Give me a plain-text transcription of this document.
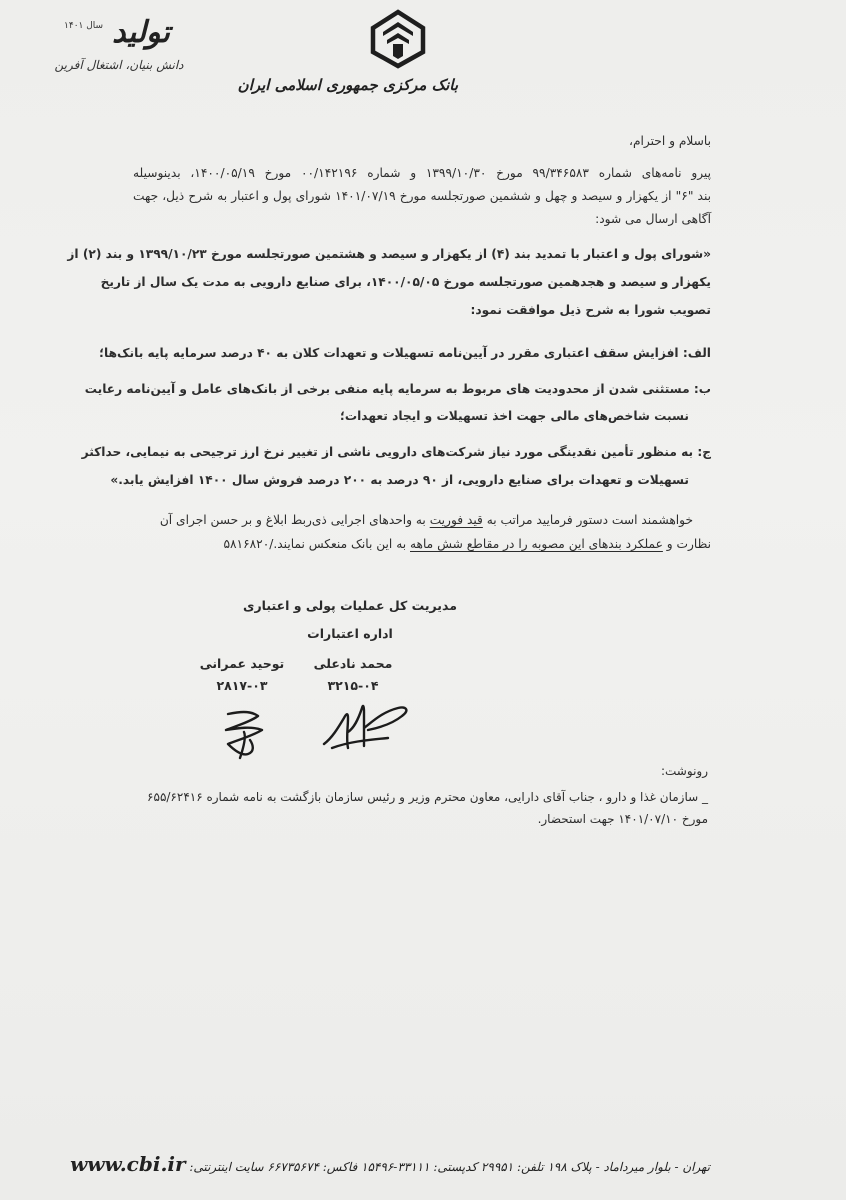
بانک مرکزی جمهوری اسلامی ایران
تولید سال ۱۴۰۱
دانش بنیان، اشتغال آفرین
باسلام و احترام،
پیرو نامه‌های شماره ۹۹/۳۴۶۵۸۳ مورخ ۱۳۹۹/۱۰/۳۰ و شماره ۰۰/۱۴۲۱۹۶ مورخ ۱۴۰۰/۰۵/۱۹، بدینوسیله
بند "۶" از یکهزار و سیصد و چهل و ششمین صورتجلسه مورخ ۱۴۰۱/۰۷/۱۹ شورای پول و اعتبار به شرح ذیل، جهت
آگاهی ارسال می شود:
«شورای پول و اعتبار با تمدید بند (۴) از یکهزار و سیصد و هشتمین صورتجلسه مورخ ۱۳۹۹/۱۰/۲۳ و بند (۲) از
یکهزار و سیصد و هجدهمین صورتجلسه مورخ ۱۴۰۰/۰۵/۰۵، برای صنایع دارویی به مدت یک سال از تاریخ
تصویب شورا به شرح ذیل موافقت نمود:
الف: افزایش سقف اعتباری مقرر در آیین‌نامه تسهیلات و تعهدات کلان به ۴۰ درصد سرمایه پایه بانک‌ها؛
ب: مستثنی شدن از محدودیت های مربوط به سرمایه پایه منفی برخی از بانک‌های عامل و آیین‌نامه رعایت
نسبت شاخص‌های مالی جهت اخذ تسهیلات و ایجاد تعهدات؛
ج: به منظور تأمین نقدینگی مورد نیاز شرکت‌های دارویی ناشی از تغییر نرخ ارز ترجیحی به نیمایی، حداکثر
تسهیلات و تعهدات برای صنایع دارویی، از ۹۰ درصد به ۲۰۰ درصد فروش سال ۱۴۰۰ افزایش یابد.»
خواهشمند است دستور فرمایید مراتب به قید فوریت به واحدهای اجرایی ذی‌ربط ابلاغ و بر حسن اجرای آن
نظارت و عملکرد بندهای این مصوبه را در مقاطع شش ماهه به این بانک منعکس نمایند./۵۸۱۶۸۲۰
مدیریت کل عملیات پولی و اعتباری
اداره اعتبارات
محمد نادعلی
۳۲۱۵-۰۴
توحید عمرانی
۲۸۱۷-۰۳
رونوشت:
_ سازمان غذا و دارو ، جناب آقای دارایی، معاون محترم وزیر و رئیس سازمان بازگشت به نامه شماره ۶۵۵/۶۲۴۱۶
مورخ ۱۴۰۱/۰۷/۱۰ جهت استحضار.
تهران - بلوار میرداماد - پلاک ۱۹۸ تلفن: ۲۹۹۵۱ کدپستی: ۳۳۱۱۱-۱۵۴۹۶ فاکس: ۶۶۷۳۵۶۷۴ سایت اینترنتی: www.cbi.ir
